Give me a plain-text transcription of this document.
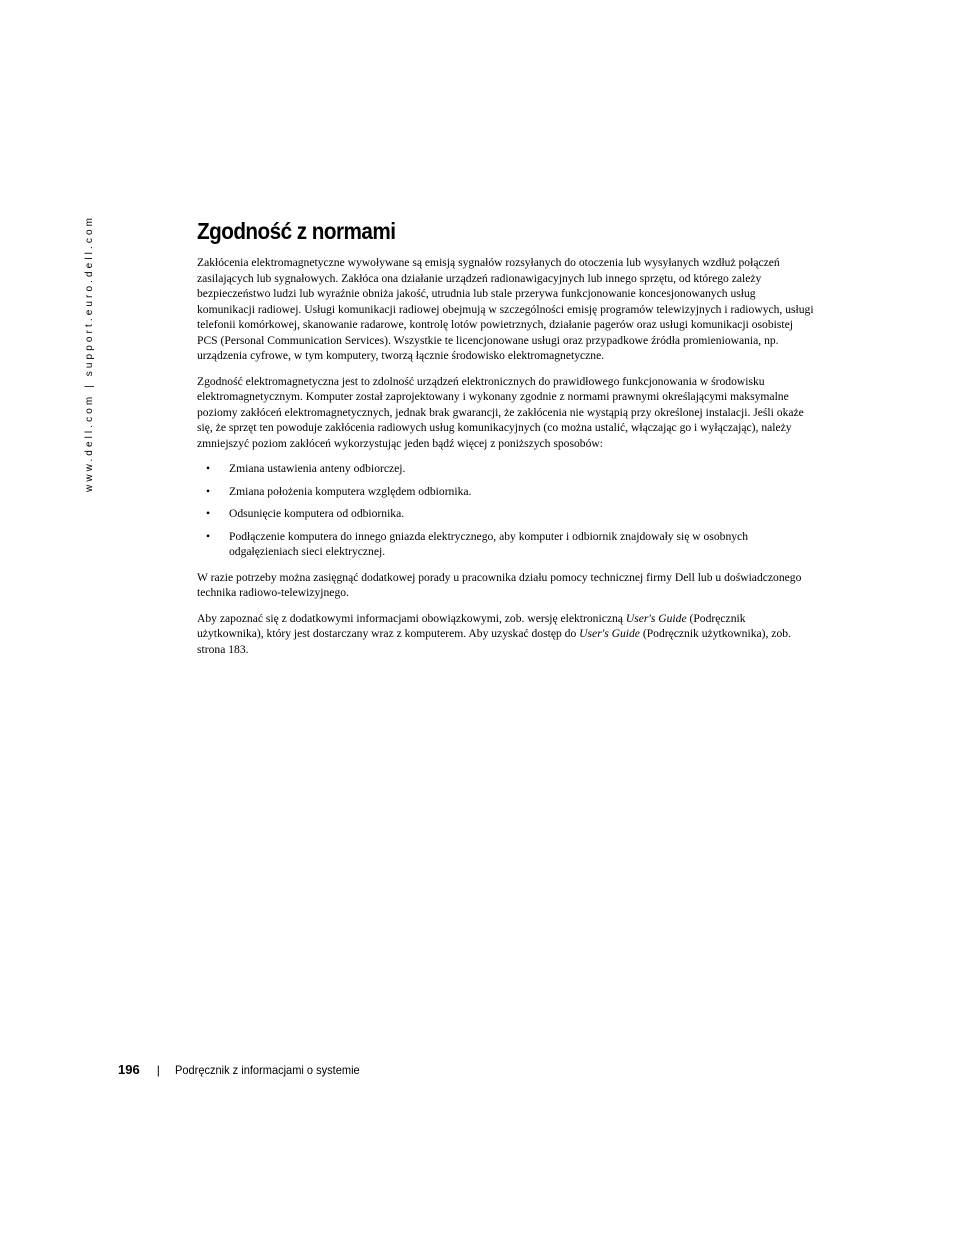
www.dell.com | support.euro.dell.com	Zgodność z normami

Zakłócenia elektromagnetyczne wywoływane są emisją sygnałów rozsyłanych do otoczenia lub wysyłanych wzdłuż połączeń zasilających lub sygnałowych. Zakłóca ona działanie urządzeń radionawigacyjnych lub innego sprzętu, od którego zależy bezpieczeństwo ludzi lub wyraźnie obniża jakość, utrudnia lub stale przerywa funkcjonowanie koncesjonowanych usług komunikacji radiowej. Usługi komunikacji radiowej obejmują w szczególności emisję programów telewizyjnych i radiowych, usługi telefonii komórkowej, skanowanie radarowe, kontrolę lotów powietrznych, działanie pagerów oraz usługi komunikacji osobistej PCS (Personal Communication Services). Wszystkie te licencjonowane usługi oraz przypadkowe źródła promieniowania, np. urządzenia cyfrowe, w tym komputery, tworzą łącznie środowisko elektromagnetyczne.

Zgodność elektromagnetyczna jest to zdolność urządzeń elektronicznych do prawidłowego funkcjonowania w środowisku elektromagnetycznym. Komputer został zaprojektowany i wykonany zgodnie z normami prawnymi określającymi maksymalne poziomy zakłóceń elektromagnetycznych, jednak brak gwarancji, że zakłócenia nie wystąpią przy określonej instalacji. Jeśli okaże się, że sprzęt ten powoduje zakłócenia radiowych usług komunikacyjnych (co można ustalić, włączając go i wyłączając), należy zmniejszyć poziom zakłóceń wykorzystując jeden bądź więcej z poniższych sposobów:

• Zmiana ustawienia anteny odbiorczej.
• Zmiana położenia komputera względem odbiornika.
• Odsunięcie komputera od odbiornika.
• Podłączenie komputera do innego gniazda elektrycznego, aby komputer i odbiornik znajdowały się w osobnych odgałęzieniach sieci elektrycznej.

W razie potrzeby można zasięgnąć dodatkowej porady u pracownika działu pomocy technicznej firmy Dell lub u doświadczonego technika radiowo-telewizyjnego.

Aby zapoznać się z dodatkowymi informacjami obowiązkowymi, zob. wersję elektroniczną User's Guide (Podręcznik użytkownika), który jest dostarczany wraz z komputerem. Aby uzyskać dostęp do User's Guide (Podręcznik użytkownika), zob. strona 183.

196 | Podręcznik z informacjami o systemie
